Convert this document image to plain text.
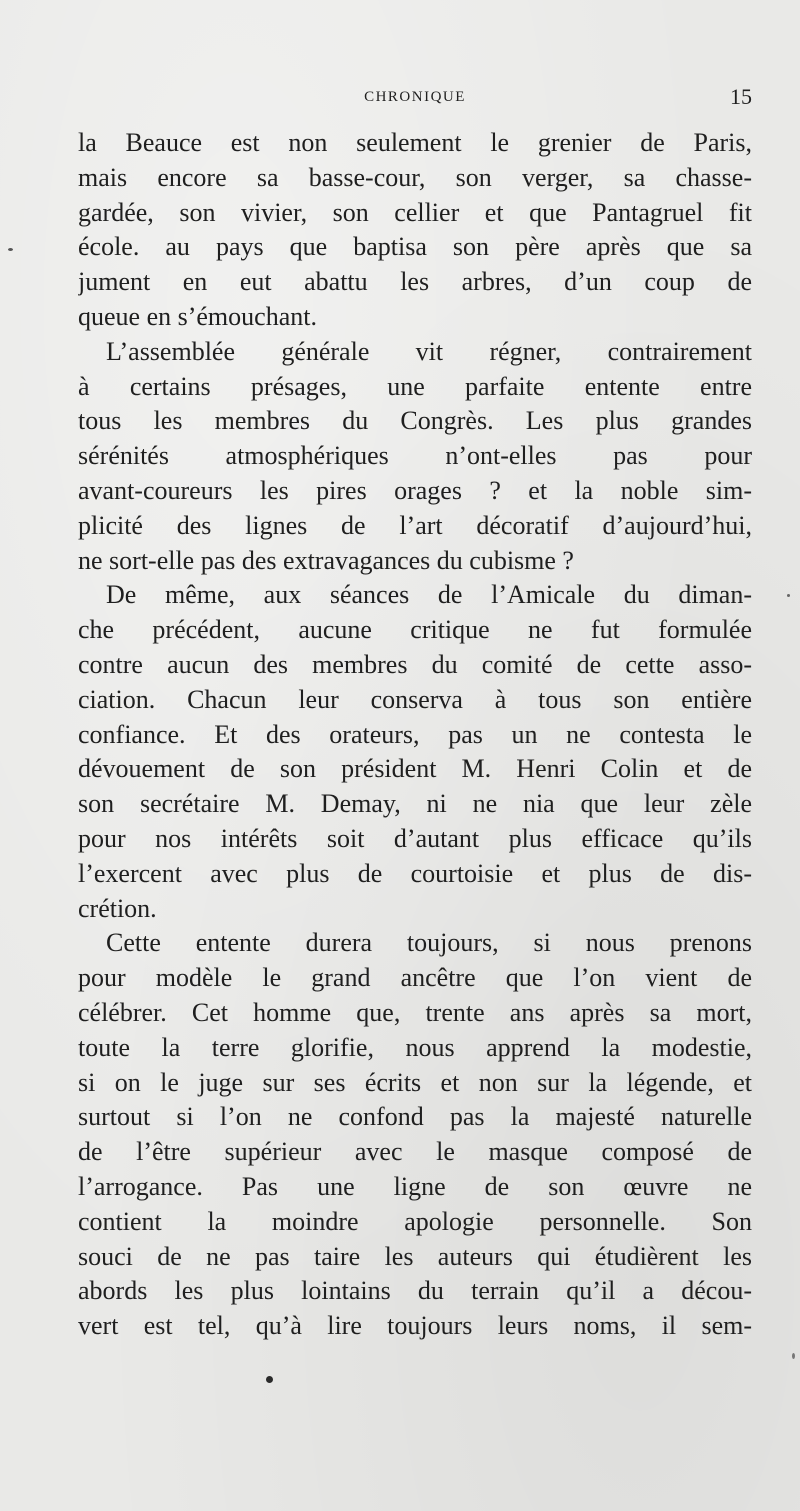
CHRONIQUE	15
la Beauce est non seulement le grenier de Paris,
mais encore sa basse-cour, son verger, sa chasse-
gardée, son vivier, son cellier et que Pantagruel fit
école. au pays que baptisa son père après que sa
jument en eut abattu les arbres, d’un coup de
queue en s’émouchant.
L’assemblée générale vit régner, contrairement
à certains présages, une parfaite entente entre
tous les membres du Congrès. Les plus grandes
sérénités atmosphériques n’ont-elles pas pour
avant-coureurs les pires orages ? et la noble sim-
plicité des lignes de l’art décoratif d’aujourd’hui,
ne sort-elle pas des extravagances du cubisme ?
De même, aux séances de l’Amicale du diman-
che précédent, aucune critique ne fut formulée
contre aucun des membres du comité de cette asso-
ciation. Chacun leur conserva à tous son entière
confiance. Et des orateurs, pas un ne contesta le
dévouement de son président M. Henri Colin et de
son secrétaire M. Demay, ni ne nia que leur zèle
pour nos intérêts soit d’autant plus efficace qu’ils
l’exercent avec plus de courtoisie et plus de dis-
crétion.
Cette entente durera toujours, si nous prenons
pour modèle le grand ancêtre que l’on vient de
célébrer. Cet homme que, trente ans après sa mort,
toute la terre glorifie, nous apprend la modestie,
si on le juge sur ses écrits et non sur la légende, et
surtout si l’on ne confond pas la majesté naturelle
de l’être supérieur avec le masque composé de
l’arrogance. Pas une ligne de son œuvre ne
contient la moindre apologie personnelle. Son
souci de ne pas taire les auteurs qui étudièrent les
abords les plus lointains du terrain qu’il a décou-
vert est tel, qu’à lire toujours leurs noms, il sem-
